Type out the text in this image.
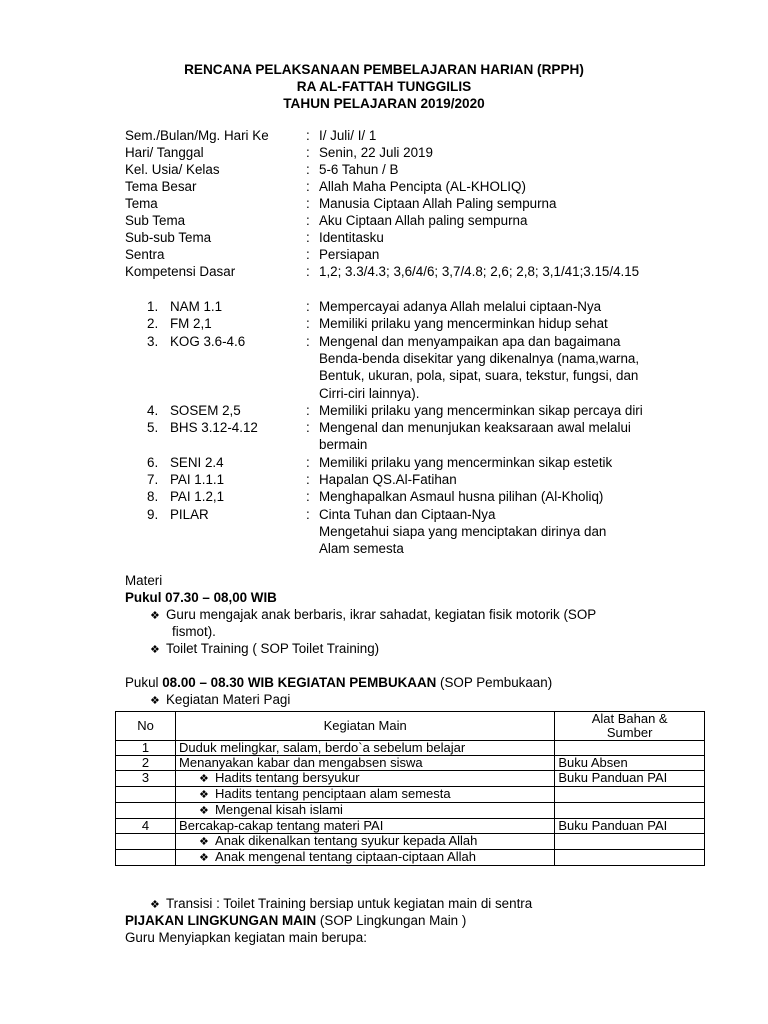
RENCANA PELAKSANAAN PEMBELAJARAN HARIAN (RPPH)
RA AL-FATTAH TUNGGILIS
TAHUN PELAJARAN 2019/2020
Sem./Bulan/Mg. Hari Ke	: I/ Juli/ I/ 1
Hari/ Tanggal	: Senin, 22 Juli 2019
Kel. Usia/ Kelas	: 5-6 Tahun / B
Tema Besar	: Allah Maha Pencipta (AL-KHOLIQ)
Tema	: Manusia Ciptaan Allah Paling sempurna
Sub Tema	: Aku Ciptaan Allah paling sempurna
Sub-sub Tema	: Identitasku
Sentra	: Persiapan
Kompetensi Dasar	: 1,2; 3.3/4.3; 3,6/4/6; 3,7/4.8; 2,6; 2,8; 3,1/41;3.15/4.15
1. NAM 1.1	: Mempercayai adanya Allah melalui ciptaan-Nya
2. FM 2,1	: Memiliki prilaku yang mencerminkan hidup sehat
3. KOG 3.6-4.6	: Mengenal dan menyampaikan apa dan bagaimana
Benda-benda disekitar yang dikenalnya (nama,warna,
Bentuk, ukuran, pola, sipat, suara, tekstur, fungsi, dan
Cirri-ciri lainnya).
4. SOSEM 2,5	: Memiliki prilaku yang mencerminkan sikap percaya diri
5. BHS 3.12-4.12	: Mengenal dan menunjukan keaksaraan awal melalui
bermain
6. SENI 2.4	: Memiliki prilaku yang mencerminkan sikap estetik
7. PAI 1.1.1	: Hapalan QS.Al-Fatihan
8. PAI 1.2,1	: Menghapalkan Asmaul husna pilihan (Al-Kholiq)
9. PILAR	: Cinta Tuhan dan Ciptaan-Nya
Mengetahui siapa yang menciptakan dirinya dan
Alam semesta
Materi
Pukul 07.30 – 08,00 WIB
❖ Guru mengajak anak berbaris, ikrar sahadat, kegiatan fisik motorik (SOP
fismot).
❖ Toilet Training ( SOP Toilet Training)
Pukul 08.00 – 08.30 WIB KEGIATAN PEMBUKAAN (SOP Pembukaan)
❖ Kegiatan Materi Pagi
No	Kegiatan Main	Alat Bahan &
Sumber
1	Duduk melingkar, salam, berdo`a sebelum belajar	
2	Menanyakan kabar dan mengabsen siswa	Buku Absen
3	❖ Hadits tentang bersyukur	Buku Panduan PAI
	❖ Hadits tentang penciptaan alam semesta	
	❖ Mengenal kisah islami	
4	Bercakap-cakap tentang materi PAI	Buku Panduan PAI
	❖ Anak dikenalkan tentang syukur kepada Allah	
	❖ Anak mengenal tentang ciptaan-ciptaan Allah	
❖ Transisi : Toilet Training bersiap untuk kegiatan main di sentra
PIJAKAN LINGKUNGAN MAIN (SOP Lingkungan Main )
Guru Menyiapkan kegiatan main berupa:
